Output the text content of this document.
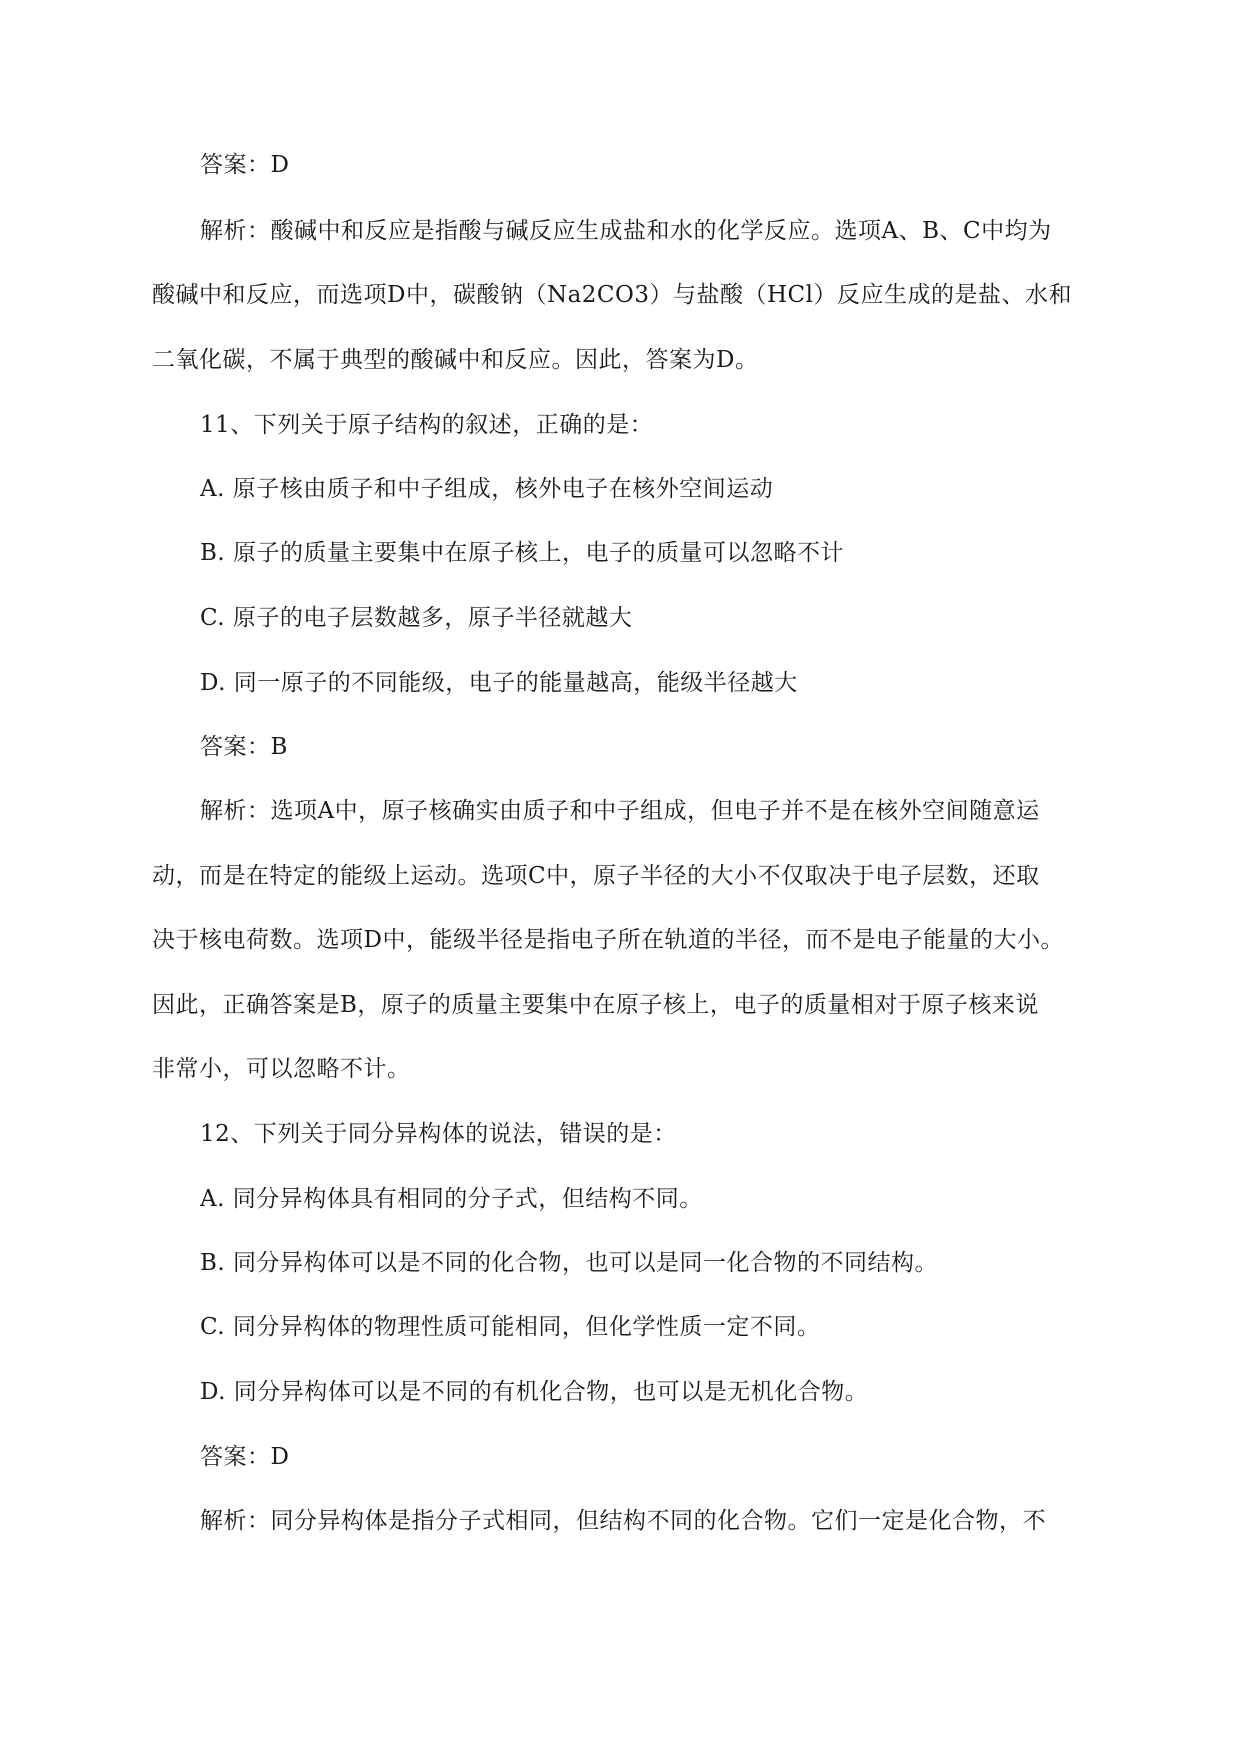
答案：D
解析：酸碱中和反应是指酸与碱反应生成盐和水的化学反应。选项A、B、C中均为
酸碱中和反应，而选项D中，碳酸钠（Na2CO3）与盐酸（HCl）反应生成的是盐、水和
二氧化碳，不属于典型的酸碱中和反应。因此，答案为D。
11、下列关于原子结构的叙述，正确的是：
A. 原子核由质子和中子组成，核外电子在核外空间运动
B. 原子的质量主要集中在原子核上，电子的质量可以忽略不计
C. 原子的电子层数越多，原子半径就越大
D. 同一原子的不同能级，电子的能量越高，能级半径越大
答案：B
解析：选项A中，原子核确实由质子和中子组成，但电子并不是在核外空间随意运
动，而是在特定的能级上运动。选项C中，原子半径的大小不仅取决于电子层数，还取
决于核电荷数。选项D中，能级半径是指电子所在轨道的半径，而不是电子能量的大小。
因此，正确答案是B，原子的质量主要集中在原子核上，电子的质量相对于原子核来说
非常小，可以忽略不计。
12、下列关于同分异构体的说法，错误的是：
A. 同分异构体具有相同的分子式，但结构不同。
B. 同分异构体可以是不同的化合物，也可以是同一化合物的不同结构。
C. 同分异构体的物理性质可能相同，但化学性质一定不同。
D. 同分异构体可以是不同的有机化合物，也可以是无机化合物。
答案：D
解析：同分异构体是指分子式相同，但结构不同的化合物。它们一定是化合物，不
